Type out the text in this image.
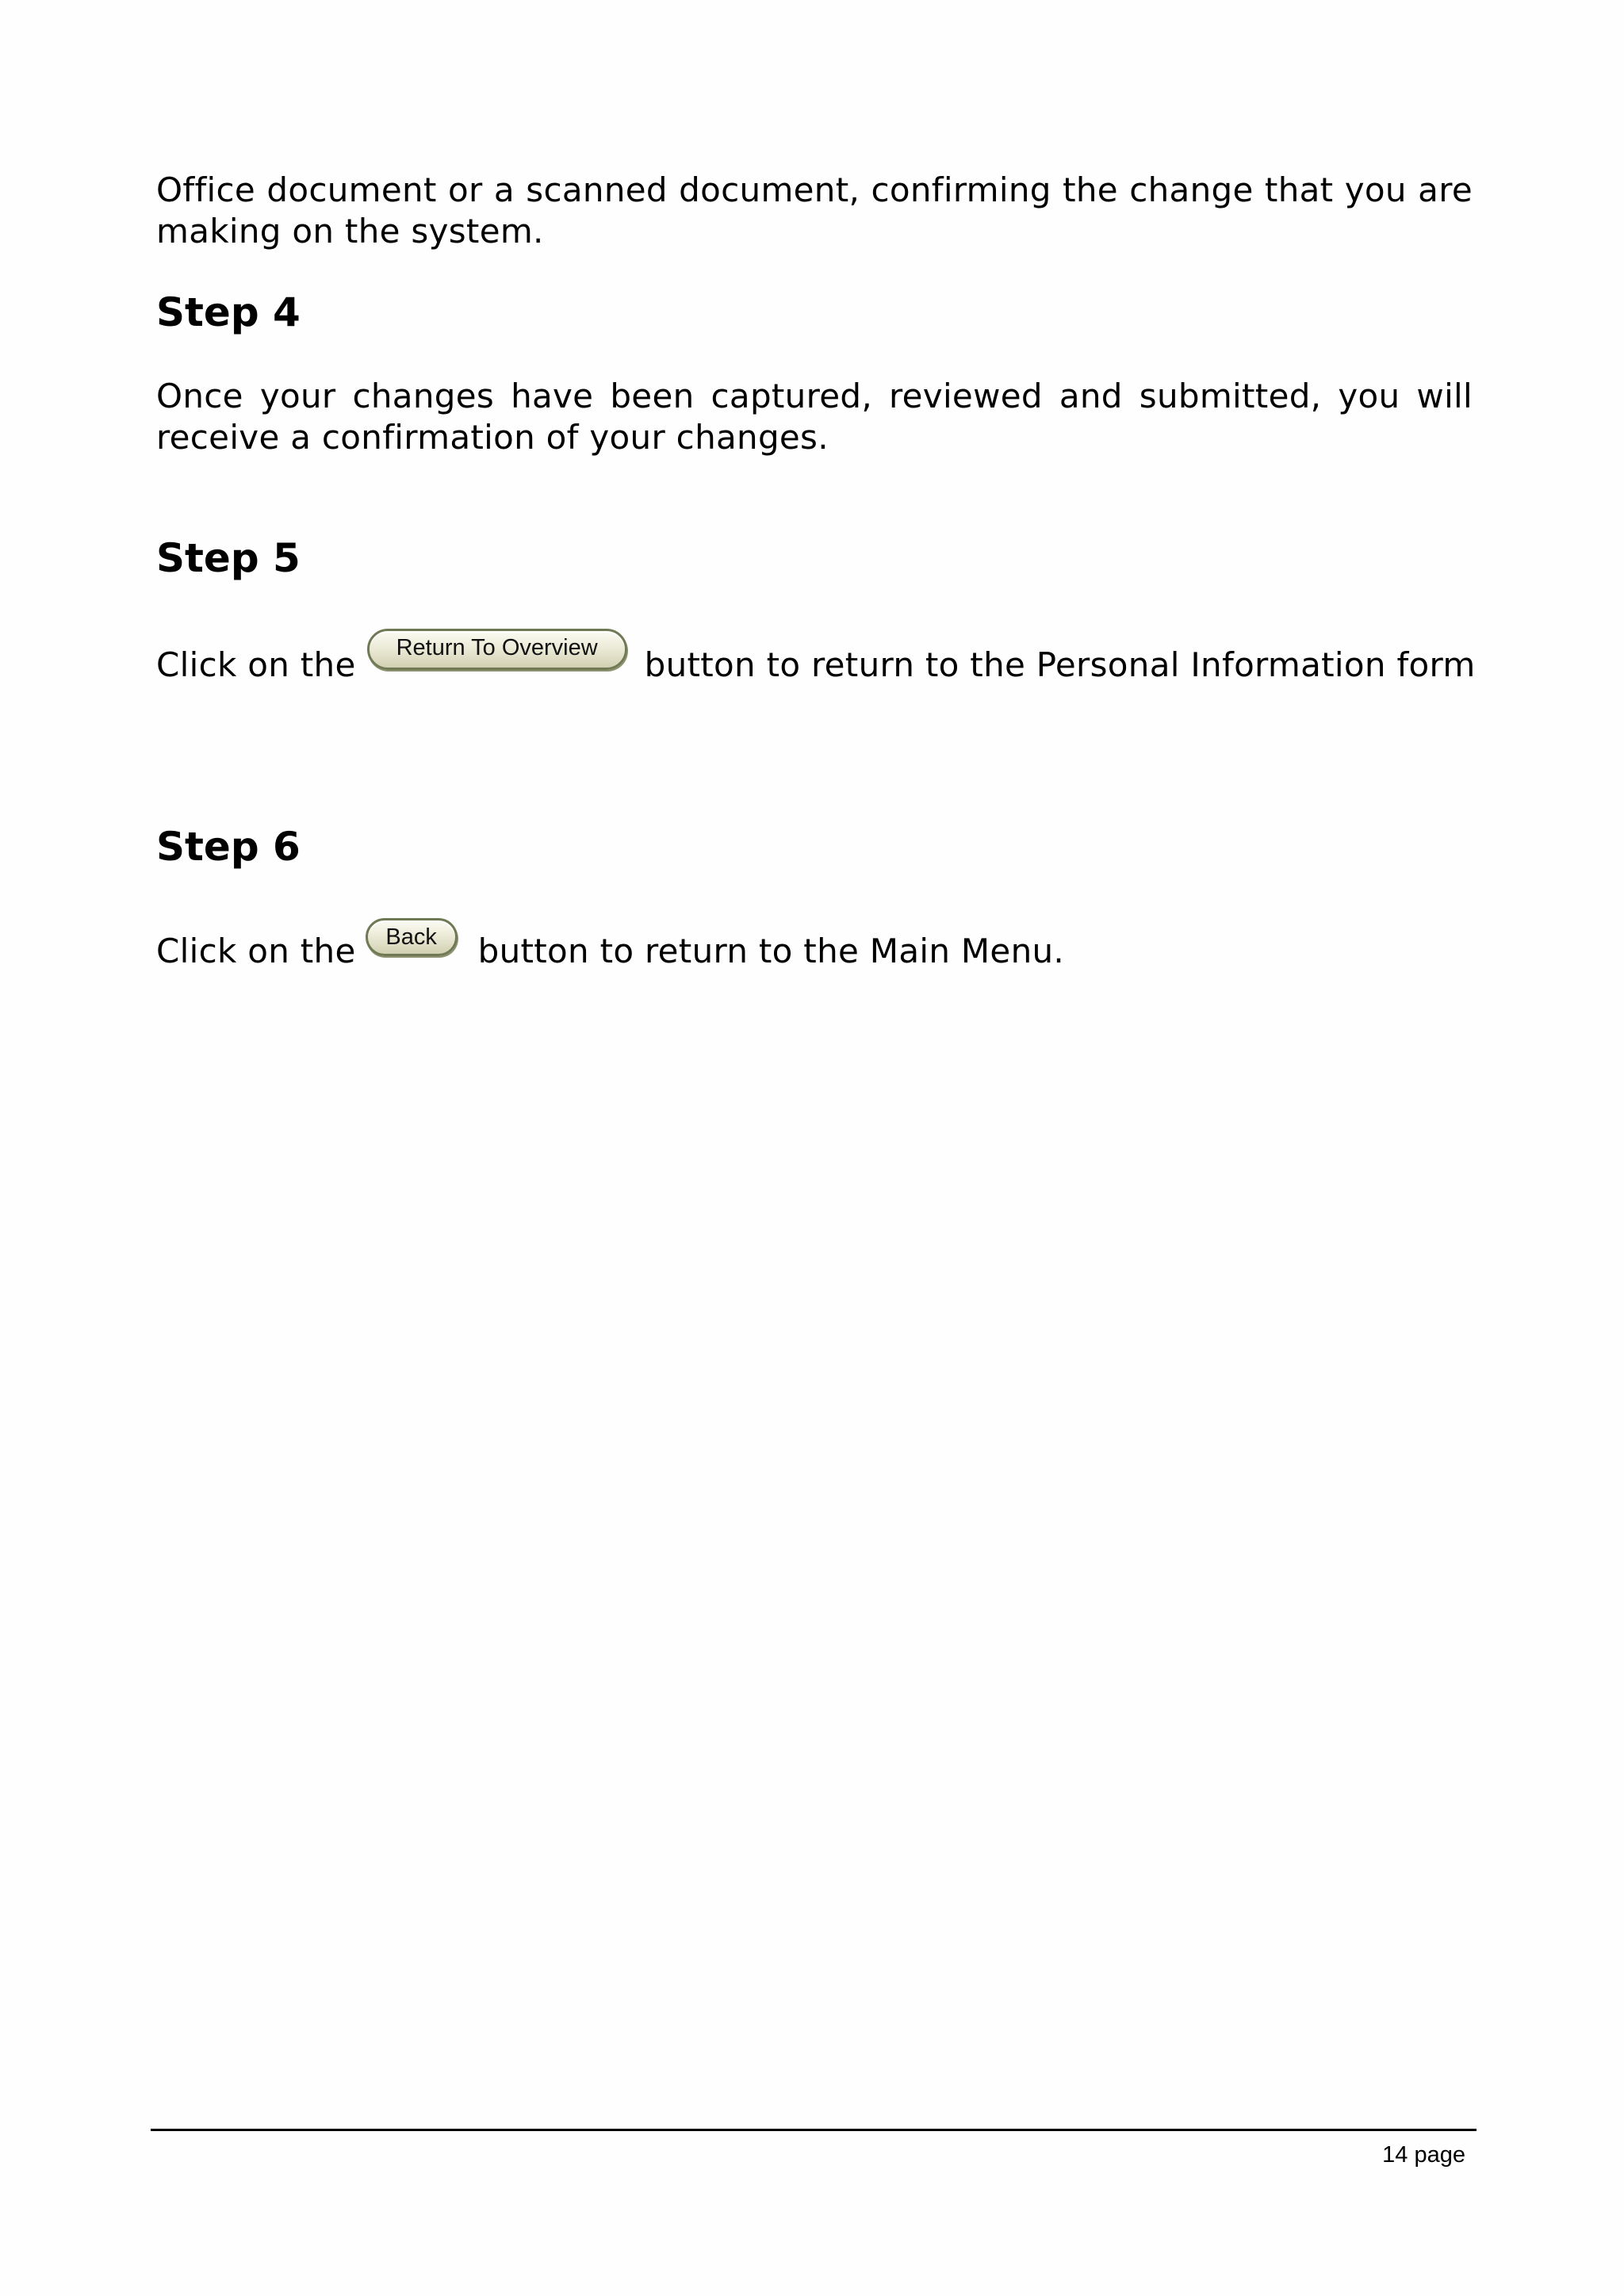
Office document or a scanned document, confirming the change that you are making on the system.
Step 4
Once your changes have been captured, reviewed and submitted, you will receive a confirmation of your changes.
Step 5
Click on the	Return To Overview	button to return to the Personal Information form
Step 6
Click on the	Back	button to return to the Main Menu.
14 page
